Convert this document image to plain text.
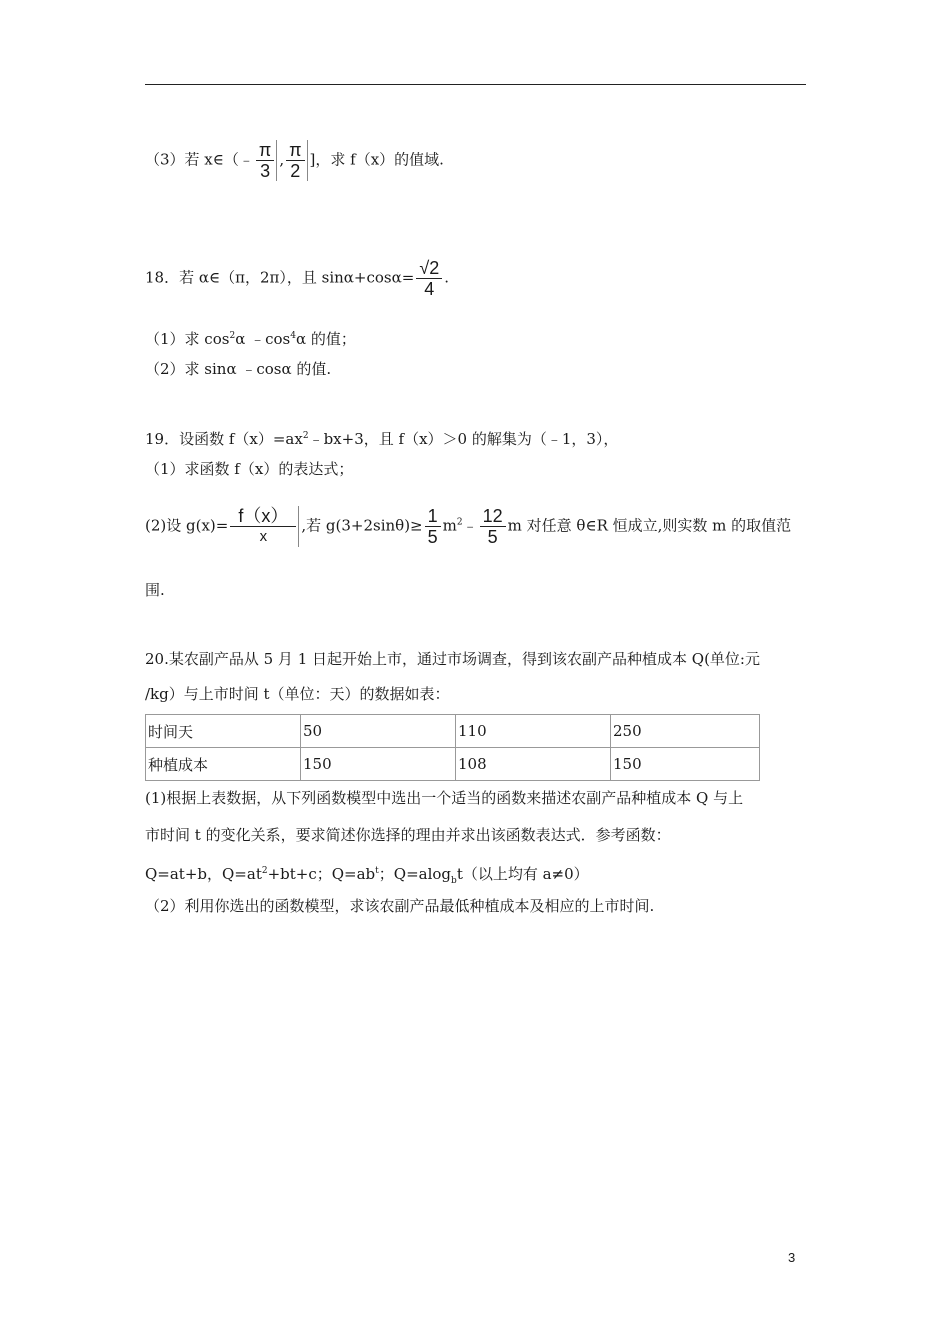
（3）若 x∈（﹣ $\frac{\pi}{3}$ , $\frac{\pi}{2}$ ]，求 f（x）的值域.
18．若 α∈（π，2π），且 $\sin\alpha+\cos\alpha= \frac{√2}{4}$ .
（1）求 $\cos^2\alpha$ $﹣\cos^4\alpha$ 的值；
（2）求 sinα ﹣cosα 的值.
19．设函数 $f(x)=ax^2﹣bx+3$，且 f（x）＞0 的解集为（﹣1，3），
（1）求函数 f（x）的表达式；
(2)设 $g(x)= \frac{f(x)}{x}$ ,若 $g(3+2\sin\theta)\ge \frac{1}{5}$ $m^2﹣ \frac{12}{5}$ m 对任意 θ∈R 恒成立,则实数 m 的取值范
围.
20.某农副产品从 5 月 1 日起开始上市，通过市场调查，得到该农副产品种植成本 Q(单位:元
/kg）与上市时间 t（单位：天）的数据如表：
时间天	50	110	250
种植成本	150	108	150
(1)根据上表数据，从下列函数模型中选出一个适当的函数来描述农副产品种植成本 Q 与上
市时间 t 的变化关系，要求简述你选择的理由并求出该函数表达式．参考函数：
Q=at+b，$Q=at^2+bt+c$；$Q=ab^t$；Q=alog$_b$t（以上均有 a≠0）
（2）利用你选出的函数模型，求该农副产品最低种植成本及相应的上市时间.
3
